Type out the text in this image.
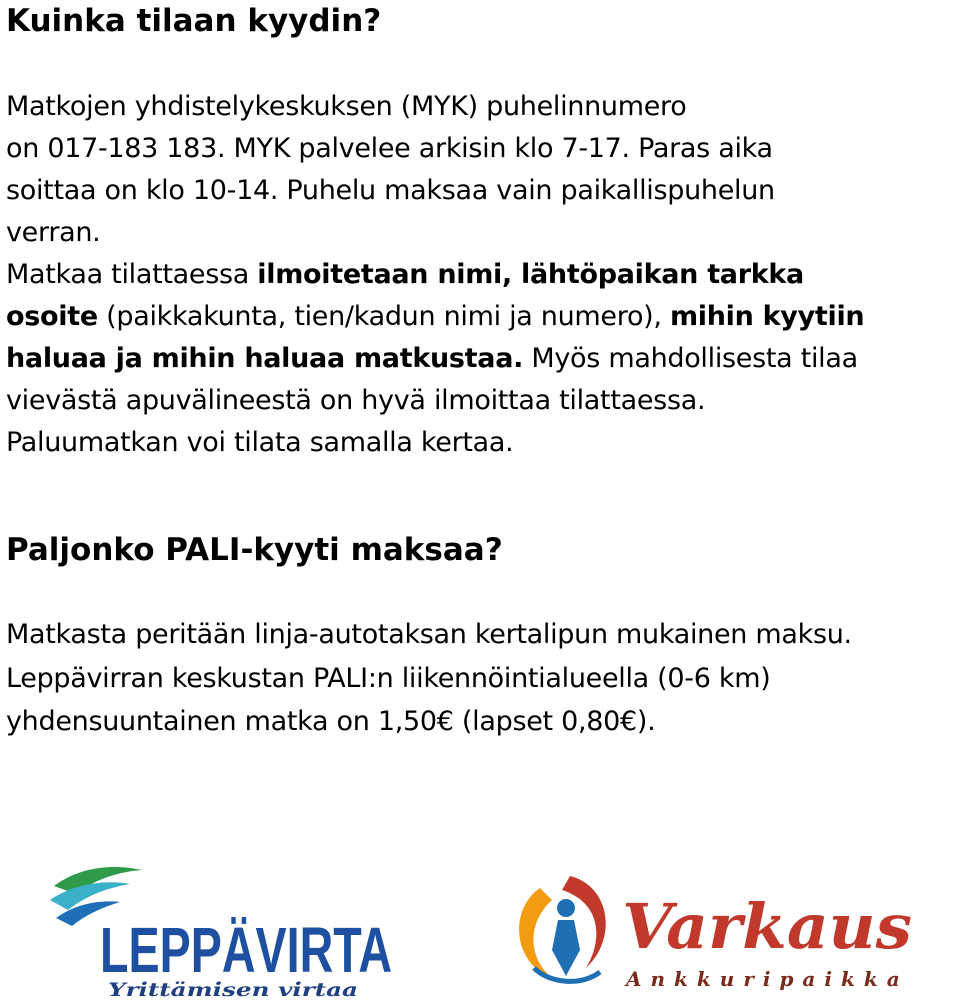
Kuinka tilaan kyydin?
Matkojen yhdistelykeskuksen (MYK) puhelinnumero
on 017-183 183. MYK palvelee arkisin klo 7-17. Paras aika
soittaa on klo 10-14. Puhelu maksaa vain paikallispuhelun
verran.
Matkaa tilattaessa ilmoitetaan nimi, lähtöpaikan tarkka
osoite (paikkakunta, tien/kadun nimi ja numero), mihin kyytiin
haluaa ja mihin haluaa matkustaa. Myös mahdollisesta tilaa
vievästä apuvälineestä on hyvä ilmoittaa tilattaessa.
Paluumatkan voi tilata samalla kertaa.
Paljonko PALI-kyyti maksaa?
Matkasta peritään linja-autotaksan kertalipun mukainen maksu.
Leppävirran keskustan PALI:n liikennöintialueella (0-6 km)
yhdensuuntainen matka on 1,50€ (lapset 0,80€).
LEPPÄVIRTA
Yrittämisen virtaa
Varkaus
Ankkuripaikka
